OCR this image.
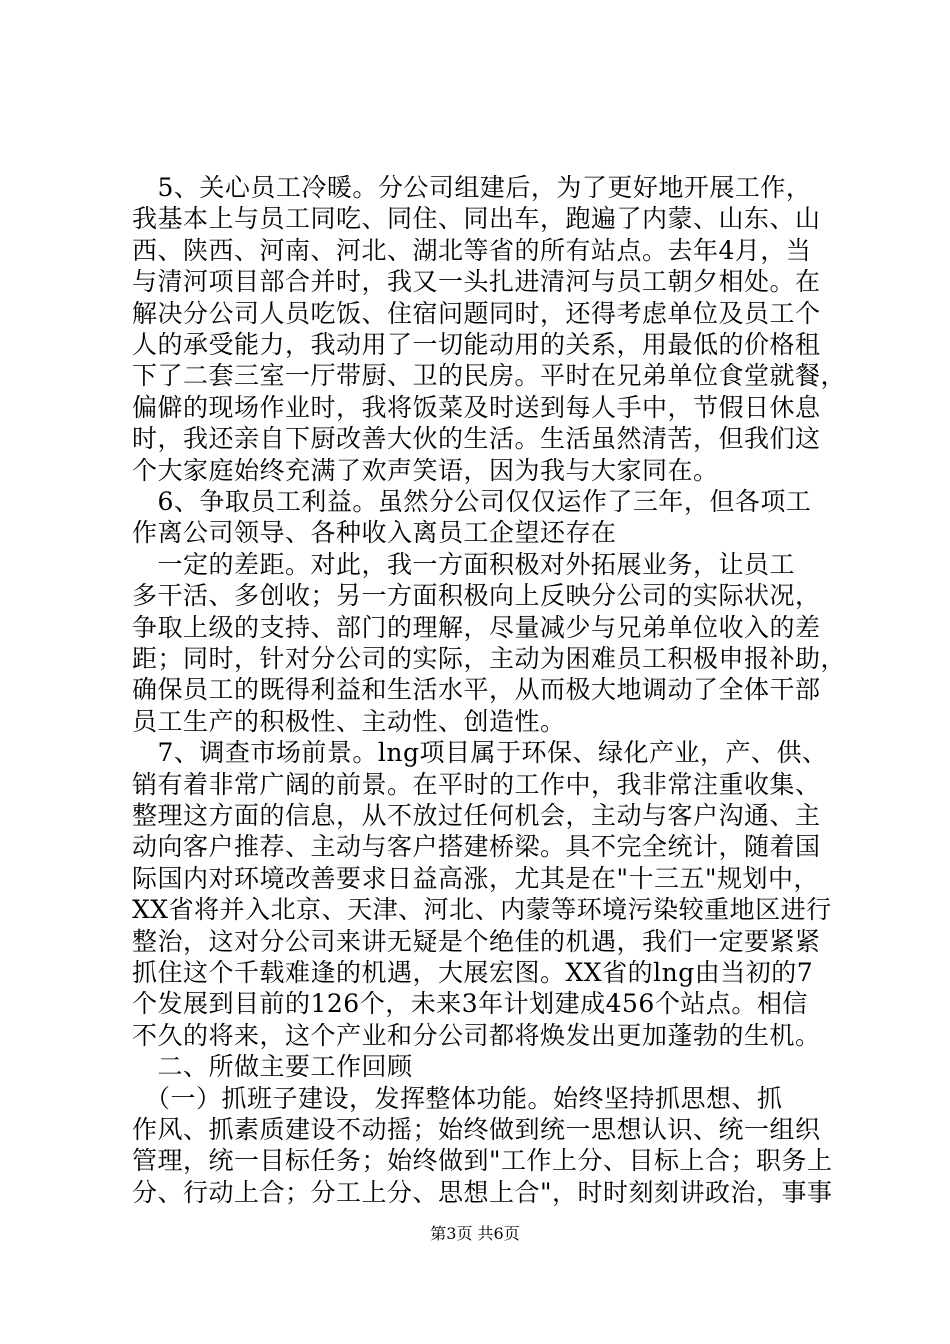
　5、关心员工冷暖。分公司组建后，为了更好地开展工作，
我基本上与员工同吃、同住、同出车，跑遍了内蒙、山东、山
西、陕西、河南、河北、湖北等省的所有站点。去年4月，当
与清河项目部合并时，我又一头扎进清河与员工朝夕相处。在
解决分公司人员吃饭、住宿问题同时，还得考虑单位及员工个
人的承受能力，我动用了一切能动用的关系，用最低的价格租
下了二套三室一厅带厨、卫的民房。平时在兄弟单位食堂就餐，
偏僻的现场作业时，我将饭菜及时送到每人手中，节假日休息
时，我还亲自下厨改善大伙的生活。生活虽然清苦，但我们这
个大家庭始终充满了欢声笑语，因为我与大家同在。
　6、争取员工利益。虽然分公司仅仅运作了三年，但各项工
作离公司领导、各种收入离员工企望还存在
　一定的差距。对此，我一方面积极对外拓展业务，让员工
多干活、多创收；另一方面积极向上反映分公司的实际状况，
争取上级的支持、部门的理解，尽量减少与兄弟单位收入的差
距；同时，针对分公司的实际，主动为困难员工积极申报补助，
确保员工的既得利益和生活水平，从而极大地调动了全体干部
员工生产的积极性、主动性、创造性。
　7、调查市场前景。lng项目属于环保、绿化产业，产、供、
销有着非常广阔的前景。在平时的工作中，我非常注重收集、
整理这方面的信息，从不放过任何机会，主动与客户沟通、主
动向客户推荐、主动与客户搭建桥梁。具不完全统计，随着国
际国内对环境改善要求日益高涨，尤其是在"十三五"规划中，
XX省将并入北京、天津、河北、内蒙等环境污染较重地区进行
整治，这对分公司来讲无疑是个绝佳的机遇，我们一定要紧紧
抓住这个千载难逢的机遇，大展宏图。XX省的lng由当初的7
个发展到目前的126个，未来3年计划建成456个站点。相信
不久的将来，这个产业和分公司都将焕发出更加蓬勃的生机。
　二、所做主要工作回顾
　（一）抓班子建设，发挥整体功能。始终坚持抓思想、抓
作风、抓素质建设不动摇；始终做到统一思想认识、统一组织
管理，统一目标任务；始终做到"工作上分、目标上合；职务上
分、行动上合；分工上分、思想上合"，时时刻刻讲政治，事事
第3页 共6页
